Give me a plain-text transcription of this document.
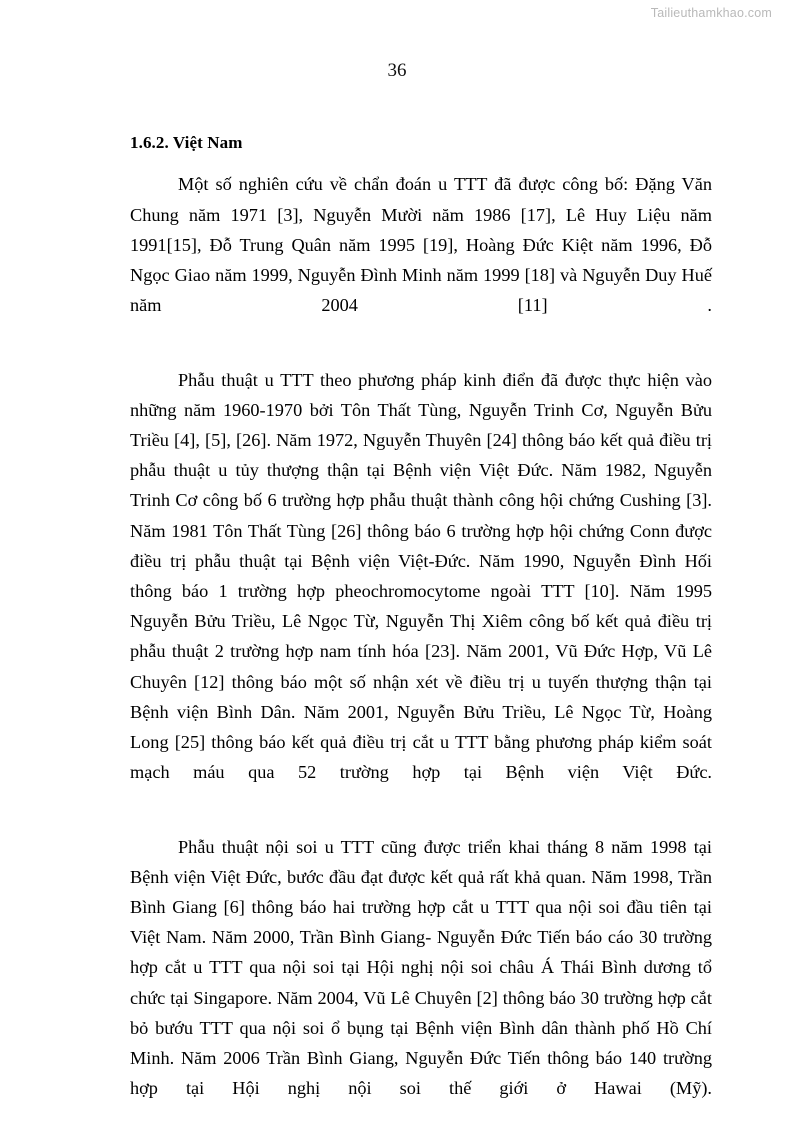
Tailieuthamkhao.com
36
1.6.2. Việt Nam

Một số nghiên cứu về chẩn đoán u TTT đã được công bố: Đặng Văn Chung năm 1971 [3], Nguyễn Mười năm 1986 [17], Lê Huy Liệu năm 1991[15], Đỗ Trung Quân năm 1995 [19], Hoàng Đức Kiệt năm 1996, Đỗ Ngọc Giao năm 1999, Nguyễn Đình Minh năm 1999 [18] và Nguyễn Duy Huế năm 2004 [11] .

Phẫu thuật u TTT theo phương pháp kinh điển đã được thực hiện vào những năm 1960-1970 bởi Tôn Thất Tùng, Nguyễn Trinh Cơ, Nguyễn Bửu Triều [4], [5], [26]. Năm 1972, Nguyễn Thuyên [24] thông báo kết quả điều trị phẫu thuật u tủy thượng thận tại Bệnh viện Việt Đức. Năm 1982, Nguyễn Trinh Cơ công bố 6 trường hợp phẫu thuật thành công hội chứng Cushing [3]. Năm 1981 Tôn Thất Tùng [26] thông báo 6 trường hợp hội chứng Conn được điều trị phẫu thuật tại Bệnh viện Việt-Đức. Năm 1990, Nguyễn Đình Hối thông báo 1 trường hợp pheochromocytome ngoài TTT [10]. Năm 1995 Nguyễn Bửu Triều, Lê Ngọc Từ, Nguyễn Thị Xiêm công bố kết quả điều trị phẫu thuật 2 trường hợp nam tính hóa [23]. Năm 2001, Vũ Đức Hợp, Vũ Lê Chuyên [12] thông báo một số nhận xét về điều trị u tuyến thượng thận tại Bệnh viện Bình Dân. Năm 2001, Nguyễn Bửu Triều, Lê Ngọc Từ, Hoàng Long [25] thông báo kết quả điều trị cắt u TTT bằng phương pháp kiểm soát mạch máu qua 52 trường hợp tại Bệnh viện Việt Đức.

Phẫu thuật nội soi u TTT cũng được triển khai tháng 8 năm 1998 tại Bệnh viện Việt Đức, bước đầu đạt được kết quả rất khả quan. Năm 1998, Trần Bình Giang [6] thông báo hai trường hợp cắt u TTT qua nội soi đầu tiên tại Việt Nam. Năm 2000, Trần Bình Giang- Nguyễn Đức Tiến báo cáo 30 trường hợp cắt u TTT qua nội soi tại Hội nghị nội soi châu Á Thái Bình dương tổ chức tại Singapore. Năm 2004, Vũ Lê Chuyên [2] thông báo 30 trường hợp cắt bỏ bướu TTT qua nội soi ổ bụng tại Bệnh viện Bình dân thành phố Hồ Chí Minh. Năm 2006 Trần Bình Giang, Nguyễn Đức Tiến thông báo 140 trường hợp tại Hội nghị nội soi thế giới ở Hawai (Mỹ).
